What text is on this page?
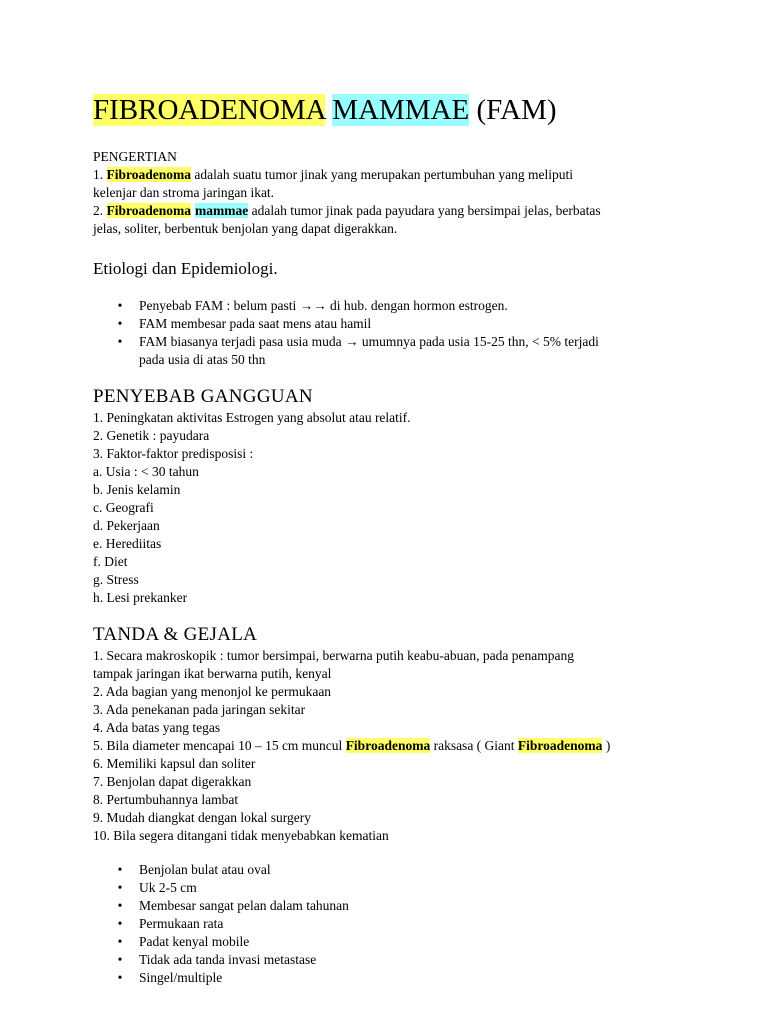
FIBROADENOMA MAMMAE (FAM)
PENGERTIAN
1. Fibroadenoma adalah suatu tumor jinak yang merupakan pertumbuhan yang meliputi
kelenjar dan stroma jaringan ikat.
2. Fibroadenoma mammae adalah tumor jinak pada payudara yang bersimpai jelas, berbatas
jelas, soliter, berbentuk benjolan yang dapat digerakkan.
Etiologi dan Epidemiologi.
•	Penyebab FAM : belum pasti →→ di hub. dengan hormon estrogen.
•	FAM membesar pada saat mens atau hamil
•	FAM biasanya terjadi pasa usia muda → umumnya pada usia 15-25 thn, < 5% terjadi
pada usia di atas 50 thn
PENYEBAB GANGGUAN
1. Peningkatan aktivitas Estrogen yang absolut atau relatif.
2. Genetik : payudara
3. Faktor-faktor predisposisi :
a. Usia : < 30 tahun
b. Jenis kelamin
c. Geografi
d. Pekerjaan
e. Herediitas
f. Diet
g. Stress
h. Lesi prekanker
TANDA & GEJALA
1. Secara makroskopik : tumor bersimpai, berwarna putih keabu-abuan, pada penampang
tampak jaringan ikat berwarna putih, kenyal
2. Ada bagian yang menonjol ke permukaan
3. Ada penekanan pada jaringan sekitar
4. Ada batas yang tegas
5. Bila diameter mencapai 10 – 15 cm muncul Fibroadenoma raksasa ( Giant Fibroadenoma )
6. Memiliki kapsul dan soliter
7. Benjolan dapat digerakkan
8. Pertumbuhannya lambat
9. Mudah diangkat dengan lokal surgery
10. Bila segera ditangani tidak menyebabkan kematian
•	Benjolan bulat atau oval
•	Uk 2-5 cm
•	Membesar sangat pelan dalam tahunan
•	Permukaan rata
•	Padat kenyal mobile
•	Tidak ada tanda invasi metastase
•	Singel/multiple
